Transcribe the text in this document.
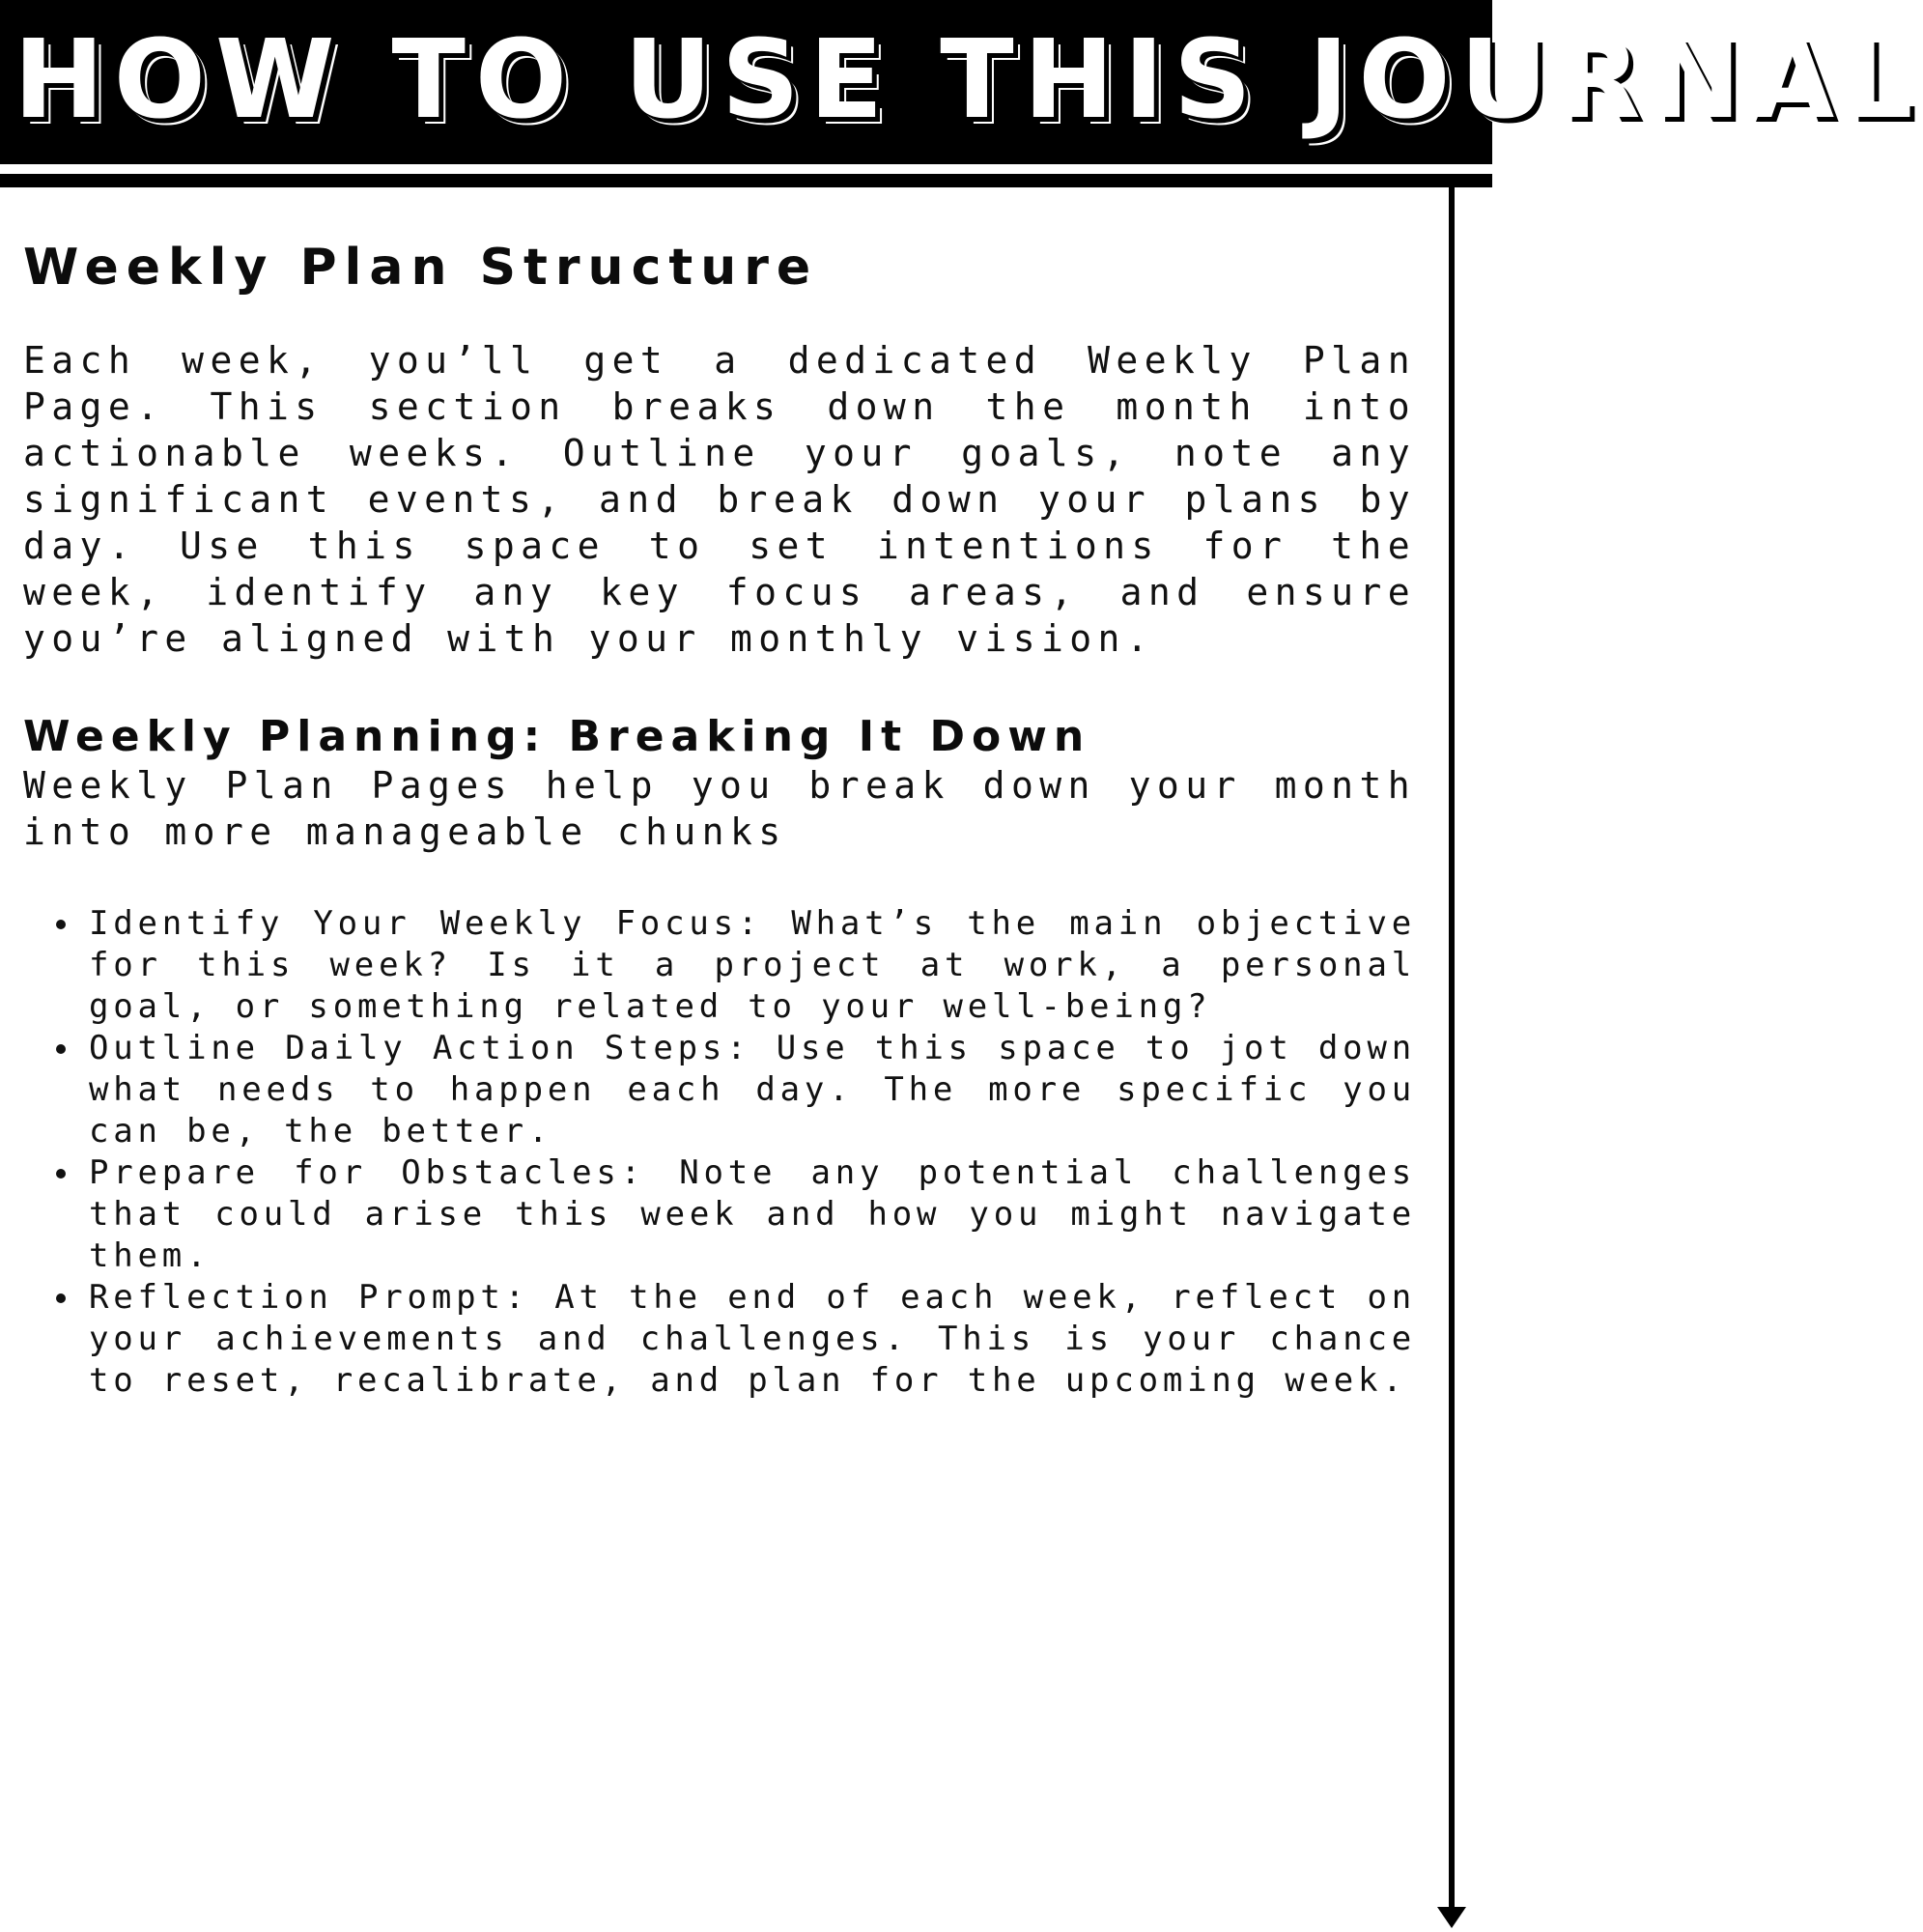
HOW TO USE THIS JOURNAL
Weekly Plan Structure

Each week, you’ll get a dedicated Weekly Plan Page. This section breaks down the month into actionable weeks. Outline your goals, note any significant events, and break down your plans by day. Use this space to set intentions for the week, identify any key focus areas, and ensure you’re aligned with your monthly vision.

Weekly Planning: Breaking It Down

Weekly Plan Pages help you break down your month into more manageable chunks

Identify Your Weekly Focus: What’s the main objective for this week? Is it a project at work, a personal goal, or something related to your well-being?
Outline Daily Action Steps: Use this space to jot down what needs to happen each day. The more specific you can be, the better.
Prepare for Obstacles: Note any potential challenges that could arise this week and how you might navigate them.
Reflection Prompt: At the end of each week, reflect on your achievements and challenges. This is your chance to reset, recalibrate, and plan for the upcoming week.
